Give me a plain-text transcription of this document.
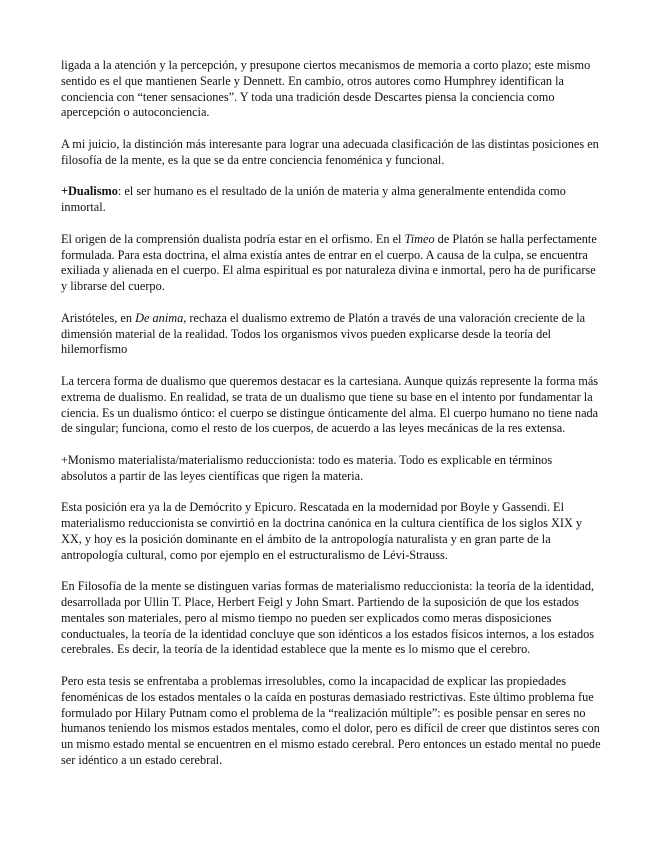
ligada a la atención y la percepción, y presupone ciertos mecanismos de memoria a corto plazo; este mismo sentido es el que mantienen Searle y Dennett. En cambio, otros autores como Humphrey identifican la conciencia con “tener sensaciones”. Y toda una tradición desde Descartes piensa la conciencia como apercepción o autoconciencia.

A mi juicio, la distinción más interesante para lograr una adecuada clasificación de las distintas posiciones en filosofía de la mente, es la que se da entre conciencia fenoménica y funcional.

+Dualismo: el ser humano es el resultado de la unión de materia y alma generalmente entendida como inmortal.

El origen de la comprensión dualista podría estar en el orfismo. En el Timeo de Platón se halla perfectamente formulada. Para esta doctrina, el alma existía antes de entrar en el cuerpo. A causa de la culpa, se encuentra exiliada y alienada en el cuerpo. El alma espiritual es por naturaleza divina e inmortal, pero ha de purificarse y librarse del cuerpo.

Aristóteles, en De anima, rechaza el dualismo extremo de Platón a través de una valoración creciente de la dimensión material de la realidad. Todos los organismos vivos pueden explicarse desde la teoría del hilemorfismo

La tercera forma de dualismo que queremos destacar es la cartesiana. Aunque quizás represente la forma más extrema de dualismo. En realidad, se trata de un dualismo que tiene su base en el intento por fundamentar la ciencia. Es un dualismo óntico: el cuerpo se distingue ónticamente del alma. El cuerpo humano no tiene nada de singular; funciona, como el resto de los cuerpos, de acuerdo a las leyes mecánicas de la res extensa.

+Monismo materialista/materialismo reduccionista: todo es materia. Todo es explicable en términos absolutos a partir de las leyes científicas que rigen la materia.

Esta posición era ya la de Demócrito y Epicuro. Rescatada en la modernidad por Boyle y Gassendi. El materialismo reduccionista se convirtió en la doctrina canónica en la cultura científica de los siglos XIX y XX, y hoy es la posición dominante en el ámbito de la antropología naturalista y en gran parte de la antropología cultural, como por ejemplo en el estructuralismo de Lévi-Strauss.

En Filosofía de la mente se distinguen varias formas de materialismo reduccionista: la teoría de la identidad, desarrollada por Ullin T. Place, Herbert Feigl y John Smart. Partiendo de la suposición de que los estados mentales son materiales, pero al mismo tiempo no pueden ser explicados como meras disposiciones conductuales, la teoría de la identidad concluye que son idénticos a los estados físicos internos, a los estados cerebrales. Es decir, la teoría de la identidad establece que la mente es lo mismo que el cerebro.

Pero esta tesis se enfrentaba a problemas irresolubles, como la incapacidad de explicar las propiedades fenoménicas de los estados mentales o la caída en posturas demasiado restrictivas. Este último problema fue formulado por Hilary Putnam como el problema de la “realización múltiple”: es posible pensar en seres no humanos teniendo los mismos estados mentales, como el dolor, pero es difícil de creer que distintos seres con un mismo estado mental se encuentren en el mismo estado cerebral. Pero entonces un estado mental no puede ser idéntico a un estado cerebral.
